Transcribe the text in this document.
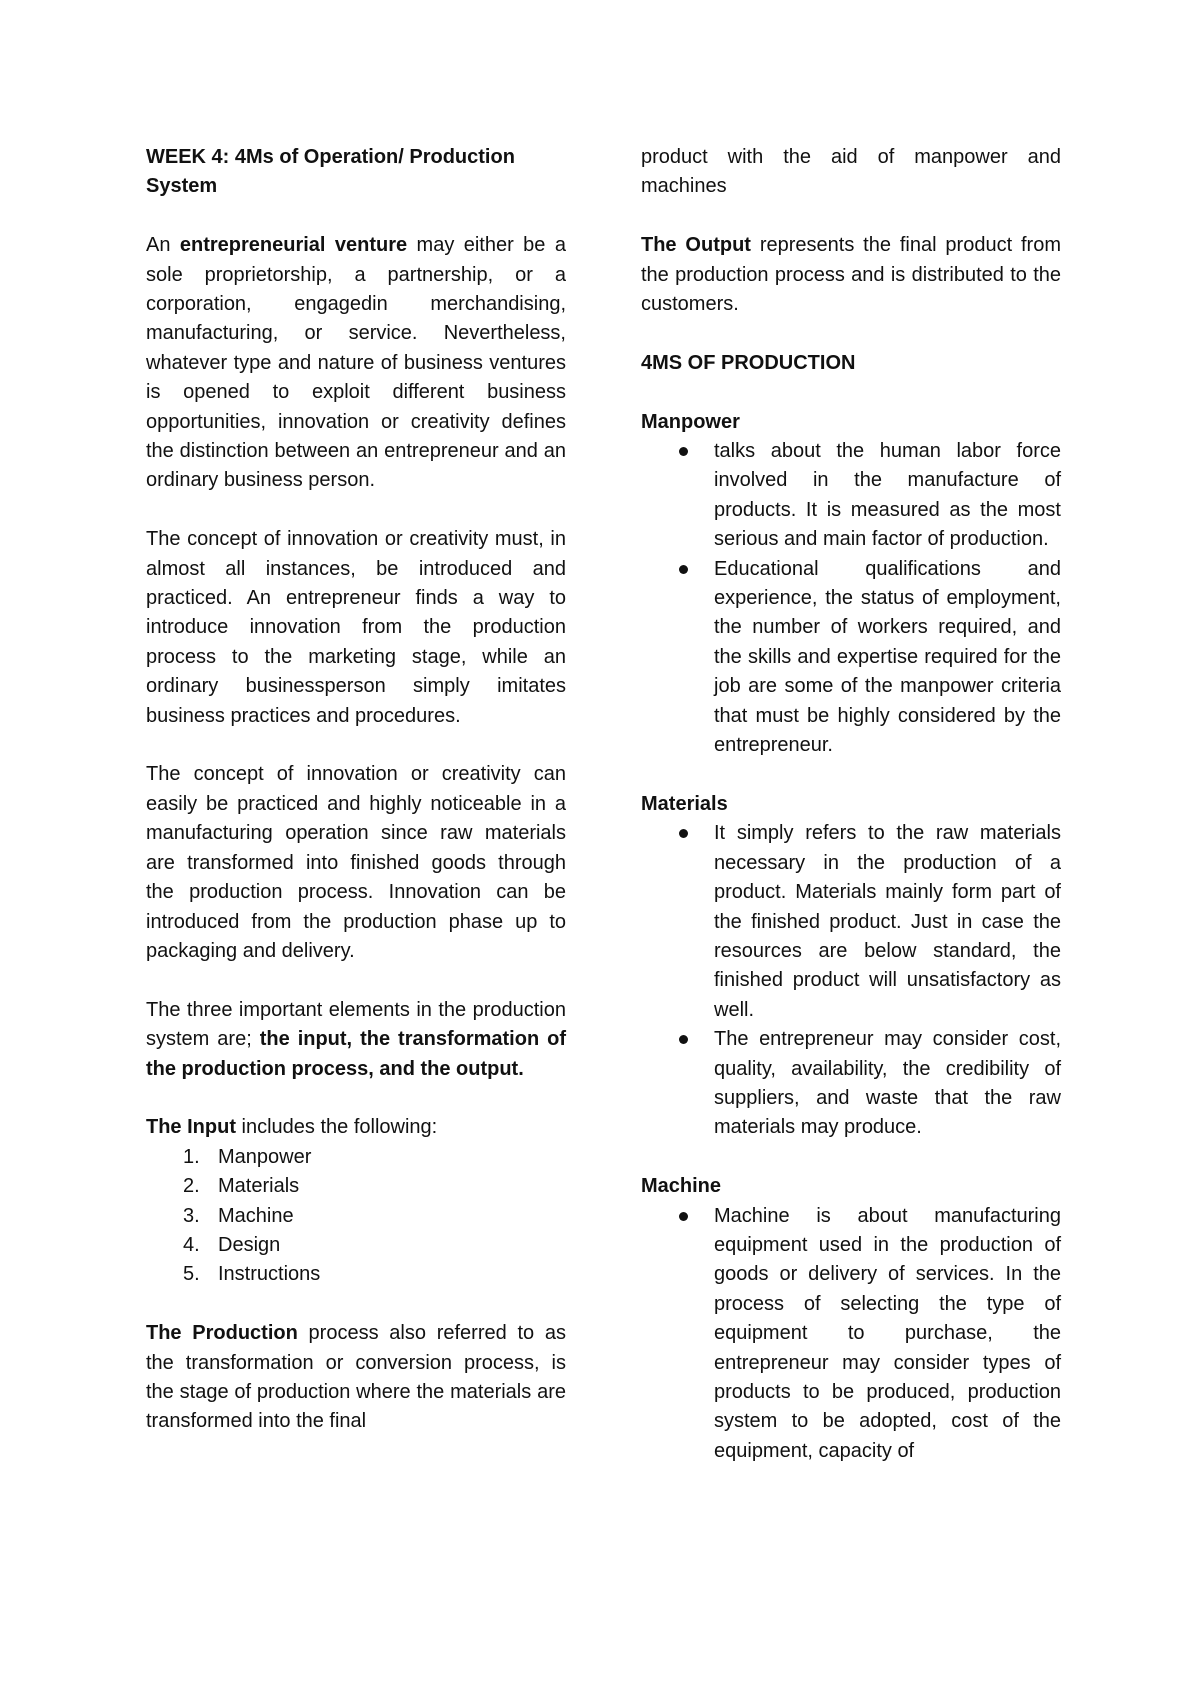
WEEK 4: 4Ms of Operation/ Production System

An entrepreneurial venture may either be a sole proprietorship, a partnership, or a corporation, engagedin merchandising, manufacturing, or service. Nevertheless, whatever type and nature of business ventures is opened to exploit different business opportunities, innovation or creativity defines the distinction between an entrepreneur and an ordinary business person.

The concept of innovation or creativity must, in almost all instances, be introduced and practiced. An entrepreneur finds a way to introduce innovation from the production process to the marketing stage, while an ordinary businessperson simply imitates business practices and procedures.

The concept of innovation or creativity can easily be practiced and highly noticeable in a manufacturing operation since raw materials are transformed into finished goods through the production process. Innovation can be introduced from the production phase up to packaging and delivery.

The three important elements in the production system are; the input, the transformation of the production process, and the output.

The Input includes the following:

1. Manpower
2. Materials
3. Machine
4. Design
5. Instructions

The Production process also referred to as the transformation or conversion process, is the stage of production where the materials are transformed into the final

product with the aid of manpower and machines

The Output represents the final product from the production process and is distributed to the customers.

4MS OF PRODUCTION

Manpower

talks about the human labor force involved in the manufacture of products. It is measured as the most serious and main factor of production.
Educational qualifications and experience, the status of employment, the number of workers required, and the skills and expertise required for the job are some of the manpower criteria that must be highly considered by the entrepreneur.

Materials

It simply refers to the raw materials necessary in the production of a product. Materials mainly form part of the finished product. Just in case the resources are below standard, the finished product will unsatisfactory as well.
The entrepreneur may consider cost, quality, availability, the credibility of suppliers, and waste that the raw materials may produce.

Machine

Machine is about manufacturing equipment used in the production of goods or delivery of services. In the process of selecting the type of equipment to purchase, the entrepreneur may consider types of products to be produced, production system to be adopted, cost of the equipment, capacity of
